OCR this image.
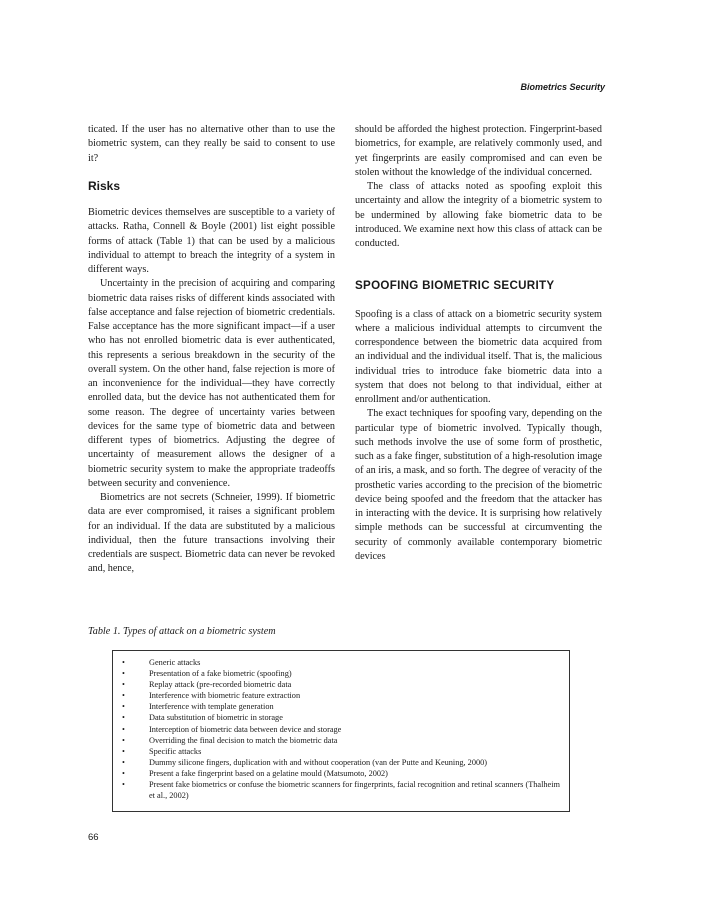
Biometrics Security

ticated. If the user has no alternative other than to use the biometric system, can they really be said to consent to use it?

Risks

Biometric devices themselves are susceptible to a variety of attacks. Ratha, Connell & Boyle (2001) list eight possible forms of attack (Table 1) that can be used by a malicious individual to attempt to breach the integrity of a system in different ways.

Uncertainty in the precision of acquiring and comparing biometric data raises risks of different kinds associated with false acceptance and false rejection of biometric credentials. False acceptance has the more significant impact—if a user who has not enrolled biometric data is ever authenticated, this represents a serious breakdown in the security of the overall system. On the other hand, false rejection is more of an inconvenience for the individual—they have correctly enrolled data, but the device has not authenticated them for some reason. The degree of uncertainty varies between devices for the same type of biometric data and between different types of biometrics. Adjusting the degree of uncertainty of measurement allows the designer of a biometric security system to make the appropriate tradeoffs between security and convenience.

Biometrics are not secrets (Schneier, 1999). If biometric data are ever compromised, it raises a significant problem for an individual. If the data are substituted by a malicious individual, then the future transactions involving their credentials are suspect. Biometric data can never be revoked and, hence,

should be afforded the highest protection. Fingerprint-based biometrics, for example, are relatively commonly used, and yet fingerprints are easily compromised and can even be stolen without the knowledge of the individual concerned.

The class of attacks noted as spoofing exploit this uncertainty and allow the integrity of a biometric system to be undermined by allowing fake biometric data to be introduced. We examine next how this class of attack can be conducted.

SPOOFING BIOMETRIC SECURITY

Spoofing is a class of attack on a biometric security system where a malicious individual attempts to circumvent the correspondence between the biometric data acquired from an individual and the individual itself. That is, the malicious individual tries to introduce fake biometric data into a system that does not belong to that individual, either at enrollment and/or authentication.

The exact techniques for spoofing vary, depending on the particular type of biometric involved. Typically though, such methods involve the use of some form of prosthetic, such as a fake finger, substitution of a high-resolution image of an iris, a mask, and so forth. The degree of veracity of the prosthetic varies according to the precision of the biometric device being spoofed and the freedom that the attacker has in interacting with the device. It is surprising how relatively simple methods can be successful at circumventing the security of commonly available contemporary biometric devices

Table 1. Types of attack on a biometric system
•	Generic attacks
•	Presentation of a fake biometric (spoofing)
•	Replay attack (pre-recorded biometric data
•	Interference with biometric feature extraction
•	Interference with template generation
•	Data substitution of biometric in storage
•	Interception of biometric data between device and storage
•	Overriding the final decision to match the biometric data
•	Specific attacks
•	Dummy silicone fingers, duplication with and without cooperation (van der Putte and Keuning, 2000)
•	Present a fake fingerprint based on a gelatine mould (Matsumoto, 2002)
•	Present fake biometrics or confuse the biometric scanners for fingerprints, facial recognition and retinal scanners (Thalheim et al., 2002)
66
